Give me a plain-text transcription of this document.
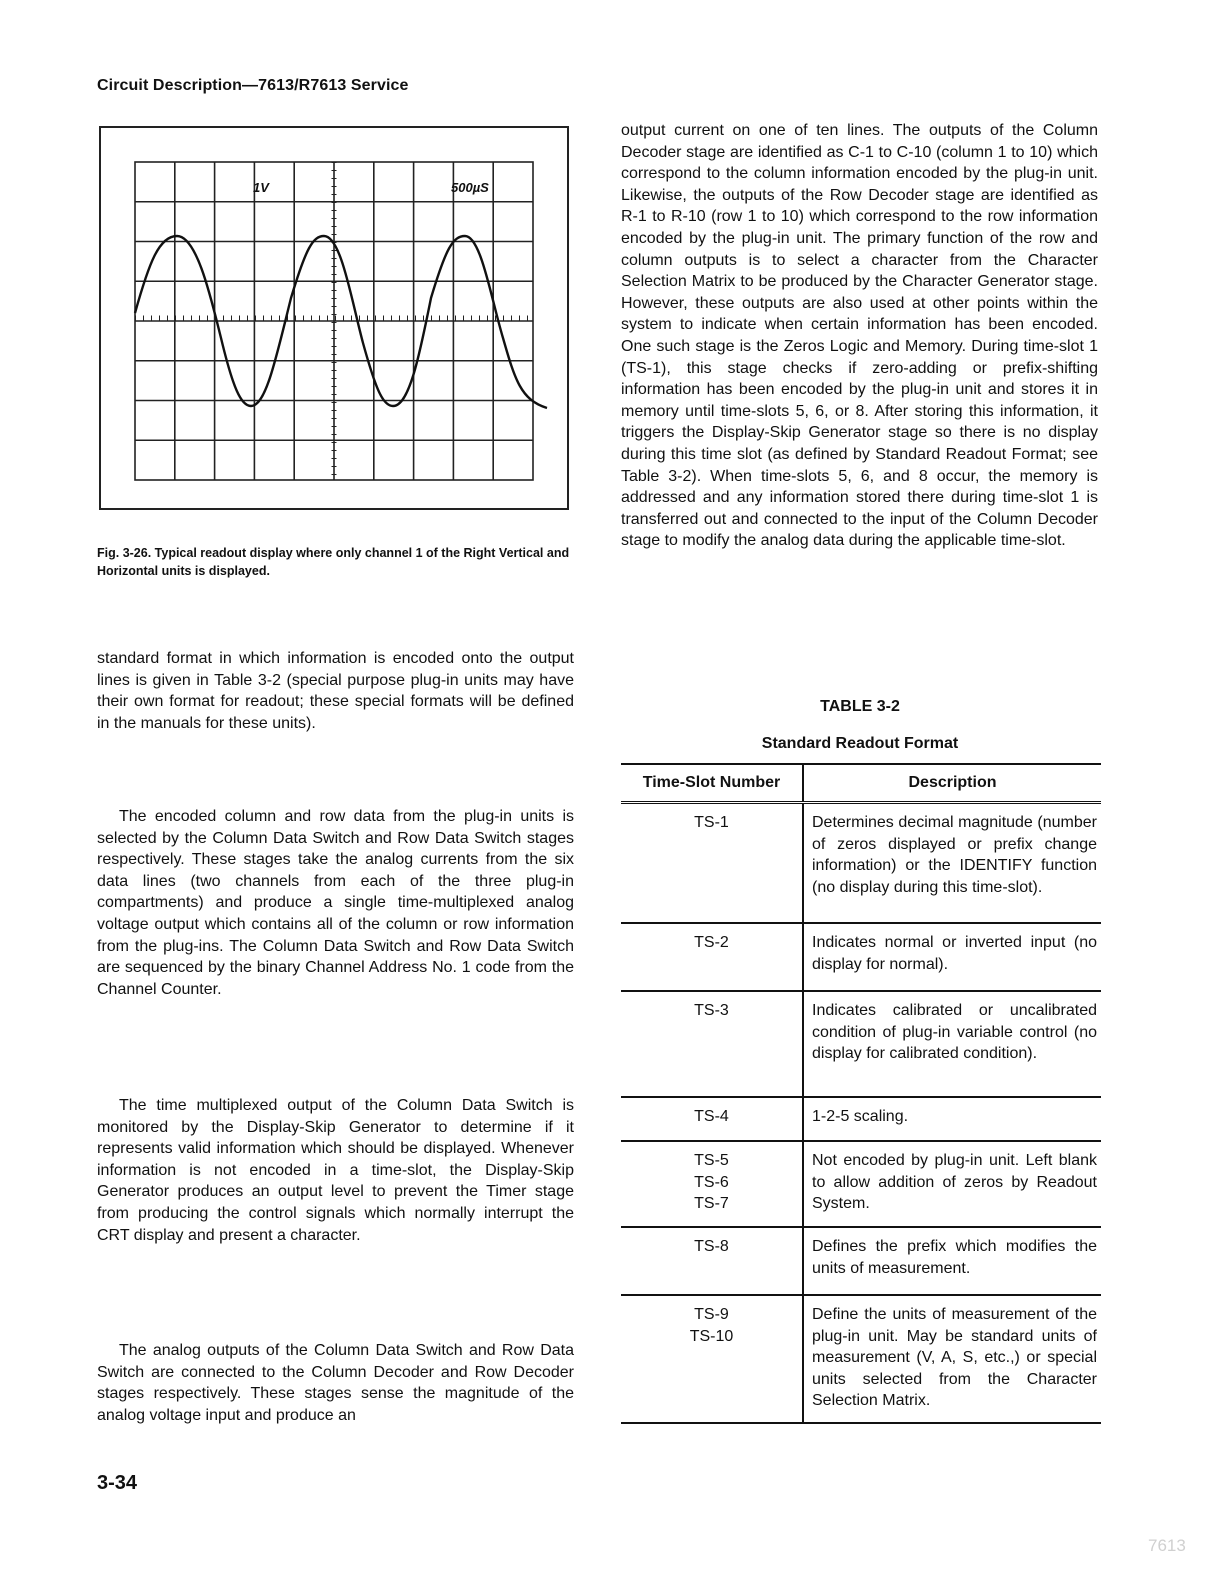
Circuit Description—7613/R7613 Service
1V	500µS
Fig. 3-26. Typical readout display where only channel 1 of the Right Vertical and Horizontal units is displayed.
standard format in which information is encoded onto the output lines is given in Table 3-2 (special purpose plug-in units may have their own format for readout; these special formats will be defined in the manuals for these units).
The encoded column and row data from the plug-in units is selected by the Column Data Switch and Row Data Switch stages respectively. These stages take the analog currents from the six data lines (two channels from each of the three plug-in compartments) and produce a single time-multiplexed analog voltage output which contains all of the column or row information from the plug-ins. The Column Data Switch and Row Data Switch are sequenced by the binary Channel Address No. 1 code from the Channel Counter.
The time multiplexed output of the Column Data Switch is monitored by the Display-Skip Generator to determine if it represents valid information which should be displayed. Whenever information is not encoded in a time-slot, the Display-Skip Generator produces an output level to prevent the Timer stage from producing the control signals which normally interrupt the CRT display and present a character.
The analog outputs of the Column Data Switch and Row Data Switch are connected to the Column Decoder and Row Decoder stages respectively. These stages sense the magnitude of the analog voltage input and produce an
output current on one of ten lines. The outputs of the Column Decoder stage are identified as C-1 to C-10 (column 1 to 10) which correspond to the column information encoded by the plug-in unit. Likewise, the outputs of the Row Decoder stage are identified as R-1 to R-10 (row 1 to 10) which correspond to the row information encoded by the plug-in unit. The primary function of the row and column outputs is to select a character from the Character Selection Matrix to be produced by the Character Generator stage. However, these outputs are also used at other points within the system to indicate when certain information has been encoded. One such stage is the Zeros Logic and Memory. During time-slot 1 (TS-1), this stage checks if zero-adding or prefix-shifting information has been encoded by the plug-in unit and stores it in memory until time-slots 5, 6, or 8. After storing this information, it triggers the Display-Skip Generator stage so there is no display during this time slot (as defined by Standard Readout Format; see Table 3-2). When time-slots 5, 6, and 8 occur, the memory is addressed and any information stored there during time-slot 1 is transferred out and connected to the input of the Column Decoder stage to modify the analog data during the applicable time-slot.
TABLE 3-2
Standard Readout Format
Time-Slot Number	Description
TS-1	Determines decimal magnitude (number of zeros displayed or prefix change information) or the IDENTIFY function (no display during this time-slot).
TS-2	Indicates normal or inverted input (no display for normal).
TS-3	Indicates calibrated or uncalibrated condition of plug-in variable control (no display for calibrated condition).
TS-4	1-2-5 scaling.
TS-5
TS-6
TS-7	Not encoded by plug-in unit. Left blank to allow addition of zeros by Readout System.
TS-8	Defines the prefix which modifies the units of measurement.
TS-9
TS-10	Define the units of measurement of the plug-in unit. May be standard units of measurement (V, A, S, etc.,) or special units selected from the Character Selection Matrix.
3-34
7613
